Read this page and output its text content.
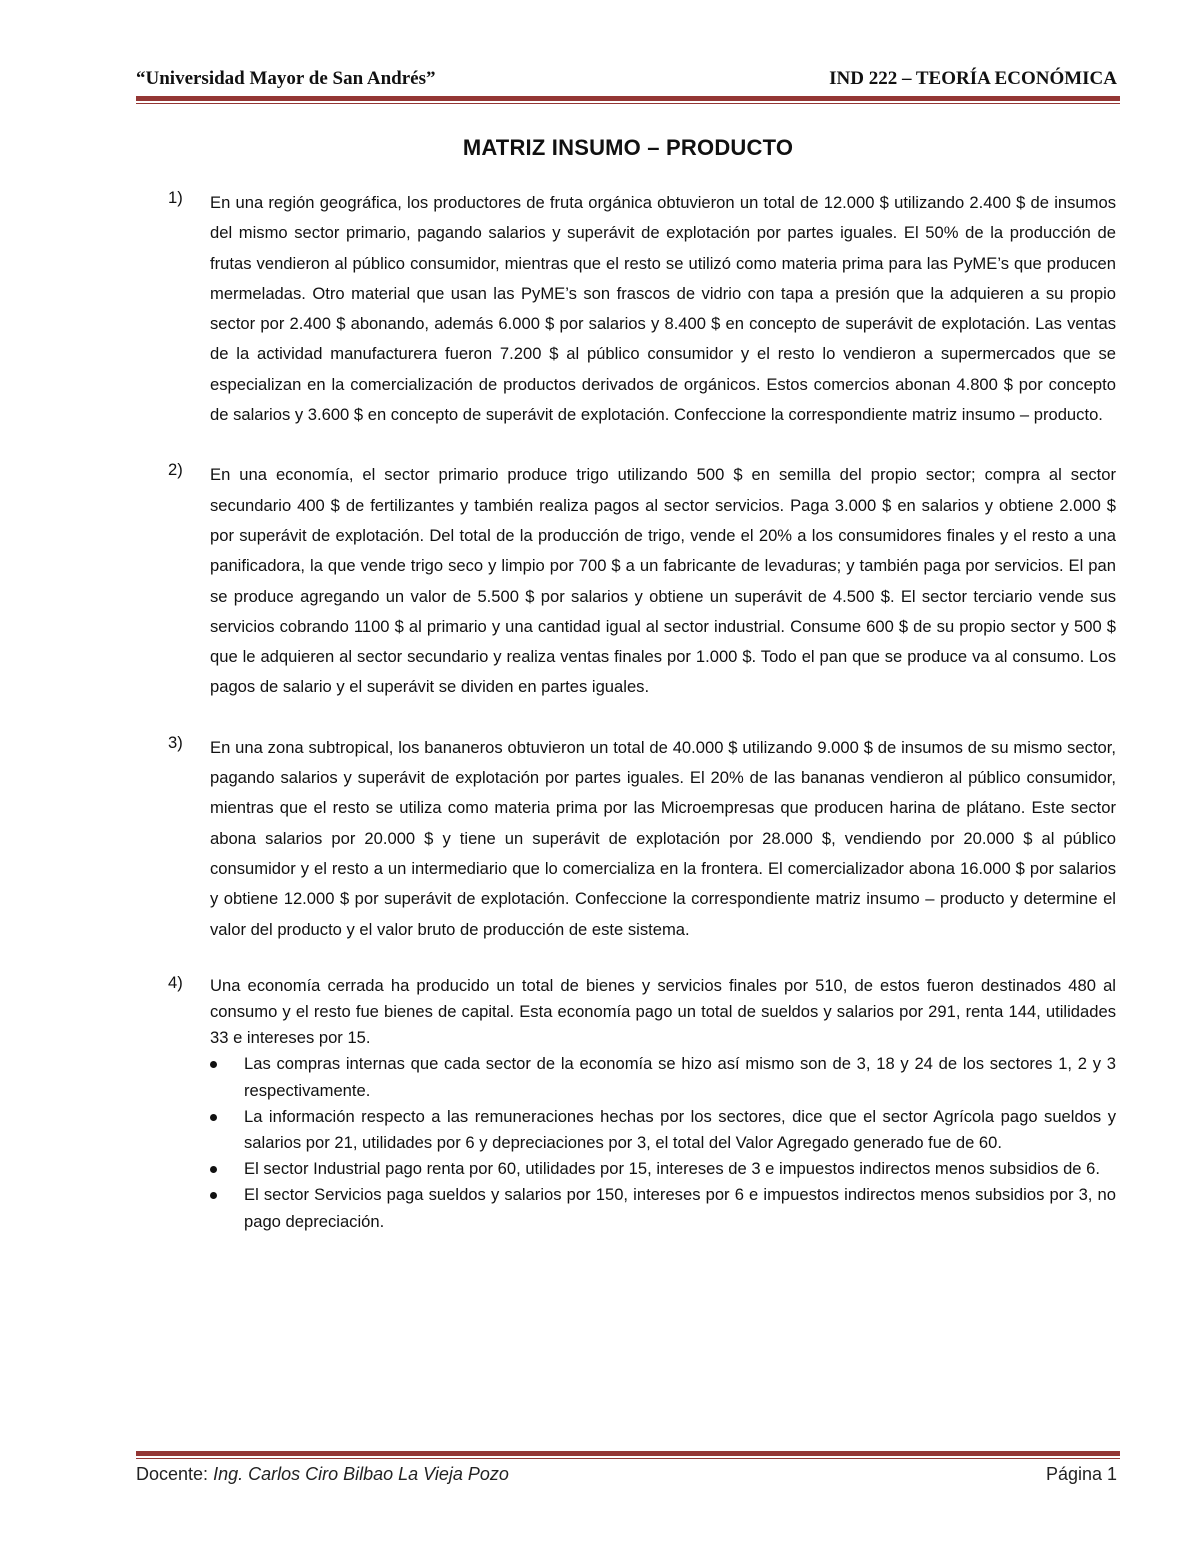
“Universidad Mayor de San Andrés”	IND 222 – TEORÍA ECONÓMICA
MATRIZ INSUMO – PRODUCTO
1) En una región geográfica, los productores de fruta orgánica obtuvieron un total de 12.000 $ utilizando 2.400 $ de insumos del mismo sector primario, pagando salarios y superávit de explotación por partes iguales. El 50% de la producción de frutas vendieron al público consumidor, mientras que el resto se utilizó como materia prima para las PyME’s que producen mermeladas. Otro material que usan las PyME’s son frascos de vidrio con tapa a presión que la adquieren a su propio sector por 2.400 $ abonando, además 6.000 $ por salarios y 8.400 $ en concepto de superávit de explotación. Las ventas de la actividad manufacturera fueron 7.200 $ al público consumidor y el resto lo vendieron a supermercados que se especializan en la comercialización de productos derivados de orgánicos. Estos comercios abonan 4.800 $ por concepto de salarios y 3.600 $ en concepto de superávit de explotación. Confeccione la correspondiente matriz insumo – producto.

2) En una economía, el sector primario produce trigo utilizando 500 $ en semilla del propio sector; compra al sector secundario 400 $ de fertilizantes y también realiza pagos al sector servicios. Paga 3.000 $ en salarios y obtiene 2.000 $ por superávit de explotación. Del total de la producción de trigo, vende el 20% a los consumidores finales y el resto a una panificadora, la que vende trigo seco y limpio por 700 $ a un fabricante de levaduras; y también paga por servicios. El pan se produce agregando un valor de 5.500 $ por salarios y obtiene un superávit de 4.500 $. El sector terciario vende sus servicios cobrando 1100 $ al primario y una cantidad igual al sector industrial. Consume 600 $ de su propio sector y 500 $ que le adquieren al sector secundario y realiza ventas finales por 1.000 $. Todo el pan que se produce va al consumo. Los pagos de salario y el superávit se dividen en partes iguales.

3) En una zona subtropical, los bananeros obtuvieron un total de 40.000 $ utilizando 9.000 $ de insumos de su mismo sector, pagando salarios y superávit de explotación por partes iguales. El 20% de las bananas vendieron al público consumidor, mientras que el resto se utiliza como materia prima por las Microempresas que producen harina de plátano. Este sector abona salarios por 20.000 $ y tiene un superávit de explotación por 28.000 $, vendiendo por 20.000 $ al público consumidor y el resto a un intermediario que lo comercializa en la frontera. El comercializador abona 16.000 $ por salarios y obtiene 12.000 $ por superávit de explotación. Confeccione la correspondiente matriz insumo – producto y determine el valor del producto y el valor bruto de producción de este sistema.

4) Una economía cerrada ha producido un total de bienes y servicios finales por 510, de estos fueron destinados 480 al consumo y el resto fue bienes de capital. Esta economía pago un total de sueldos y salarios por 291, renta 144, utilidades 33 e intereses por 15.

Las compras internas que cada sector de la economía se hizo así mismo son de 3, 18 y 24 de los sectores 1, 2 y 3 respectivamente.
La información respecto a las remuneraciones hechas por los sectores, dice que el sector Agrícola pago sueldos y salarios por 21, utilidades por 6 y depreciaciones por 3, el total del Valor Agregado generado fue de 60.
El sector Industrial pago renta por 60, utilidades por 15, intereses de 3 e impuestos indirectos menos subsidios de 6.
El sector Servicios paga sueldos y salarios por 150, intereses por 6 e impuestos indirectos menos subsidios por 3, no pago depreciación.
Docente: Ing. Carlos Ciro Bilbao La Vieja Pozo	Página 1
